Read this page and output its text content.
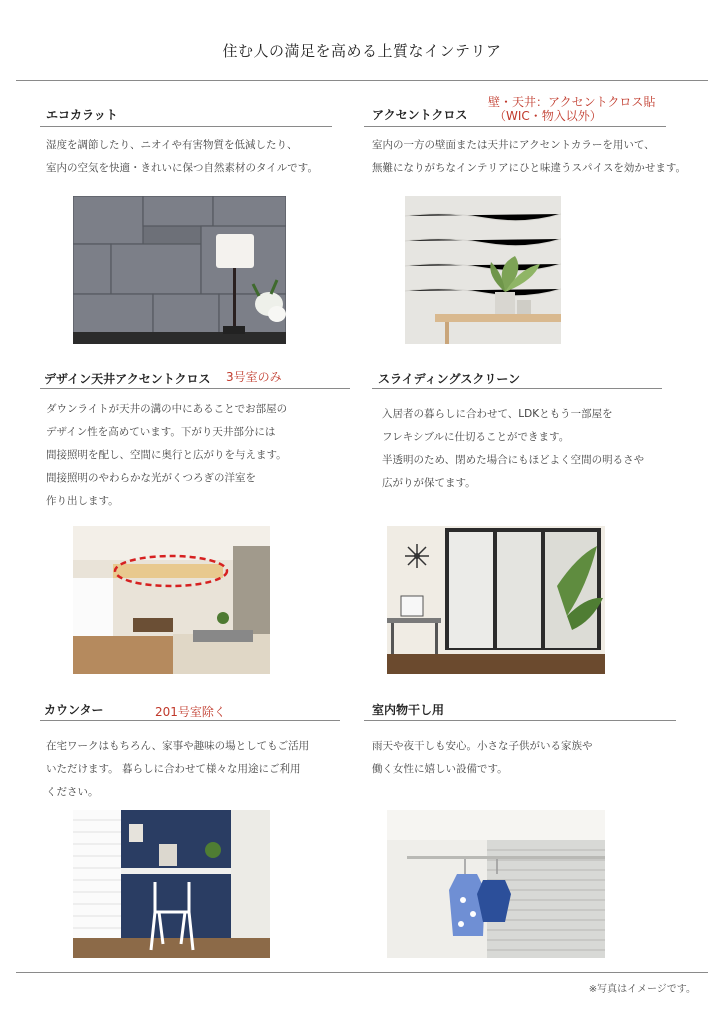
住む人の満足を高める上質なインテリア
エコカラット
湿度を調節したり、ニオイや有害物質を低減したり、
室内の空気を快適・きれいに保つ自然素材のタイルです。
アクセントクロス
壁・天井：アクセントクロス貼
（WIC・物入以外）
室内の一方の壁面または天井にアクセントカラーを用いて、
無難になりがちなインテリアにひと味違うスパイスを効かせます。
デザイン天井アクセントクロス 3号室のみ
ダウンライトが天井の溝の中にあることでお部屋の
デザイン性を高めています。下がり天井部分には
間接照明を配し、空間に奥行と広がりを与えます。
間接照明のやわらかな光がくつろぎの洋室を
作り出します。
スライディングスクリーン
入居者の暮らしに合わせて、LDKともう一部屋を
フレキシブルに仕切ることができます。
半透明のため、閉めた場合にもほどよく空間の明るさや
広がりが保てます。
カウンター	201号室除く
在宅ワークはもちろん、家事や趣味の場としてもご活用
いただけます。 暮らしに合わせて様々な用途にご利用
ください。
室内物干し用
雨天や夜干しも安心。小さな子供がいる家族や
働く女性に嬉しい設備です。
※写真はイメージです。
